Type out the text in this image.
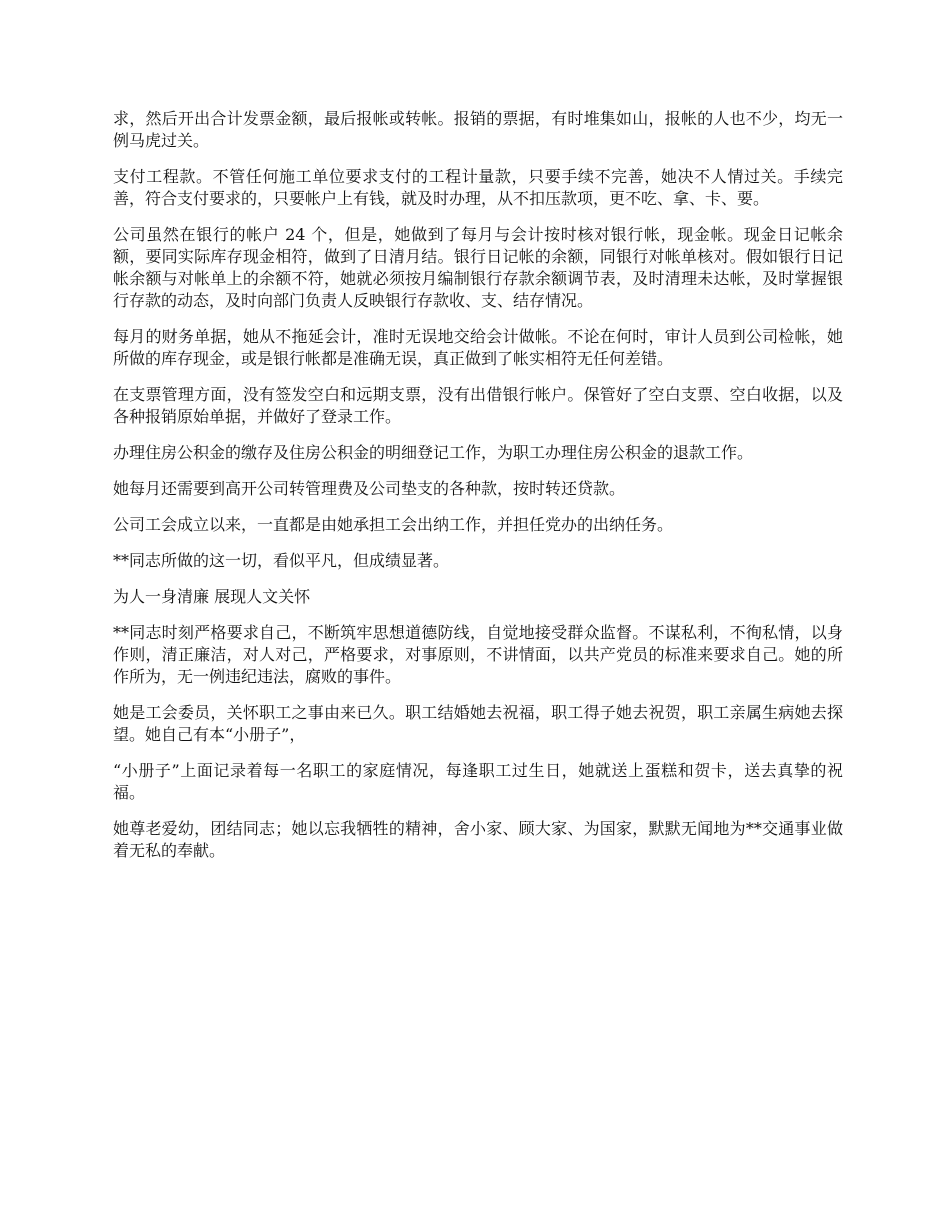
求，然后开出合计发票金额，最后报帐或转帐。报销的票据，有时堆集如山，报帐的人也不少，均无一例马虎过关。

支付工程款。不管任何施工单位要求支付的工程计量款，只要手续不完善，她决不人情过关。手续完善，符合支付要求的，只要帐户上有钱，就及时办理，从不扣压款项，更不吃、拿、卡、要。

公司虽然在银行的帐户 24 个，但是，她做到了每月与会计按时核对银行帐，现金帐。现金日记帐余额，要同实际库存现金相符，做到了日清月结。银行日记帐的余额，同银行对帐单核对。假如银行日记帐余额与对帐单上的余额不符，她就必须按月编制银行存款余额调节表，及时清理未达帐，及时掌握银行存款的动态，及时向部门负责人反映银行存款收、支、结存情况。

每月的财务单据，她从不拖延会计，准时无误地交给会计做帐。不论在何时，审计人员到公司检帐，她所做的库存现金，或是银行帐都是准确无误，真正做到了帐实相符无任何差错。

在支票管理方面，没有签发空白和远期支票，没有出借银行帐户。保管好了空白支票、空白收据，以及各种报销原始单据，并做好了登录工作。

办理住房公积金的缴存及住房公积金的明细登记工作，为职工办理住房公积金的退款工作。

她每月还需要到高开公司转管理费及公司垫支的各种款，按时转还贷款。

公司工会成立以来，一直都是由她承担工会出纳工作，并担任党办的出纳任务。

**同志所做的这一切，看似平凡，但成绩显著。

为人一身清廉 展现人文关怀

**同志时刻严格要求自己，不断筑牢思想道德防线，自觉地接受群众监督。不谋私利，不徇私情，以身作则，清正廉洁，对人对己，严格要求，对事原则，不讲情面，以共产党员的标准来要求自己。她的所作所为，无一例违纪违法，腐败的事件。

她是工会委员，关怀职工之事由来已久。职工结婚她去祝福，职工得子她去祝贺，职工亲属生病她去探望。她自己有本“小册子”，

“小册子”上面记录着每一名职工的家庭情况，每逢职工过生日，她就送上蛋糕和贺卡，送去真挚的祝福。

她尊老爱幼，团结同志；她以忘我牺牲的精神，舍小家、顾大家、为国家，默默无闻地为**交通事业做着无私的奉献。
